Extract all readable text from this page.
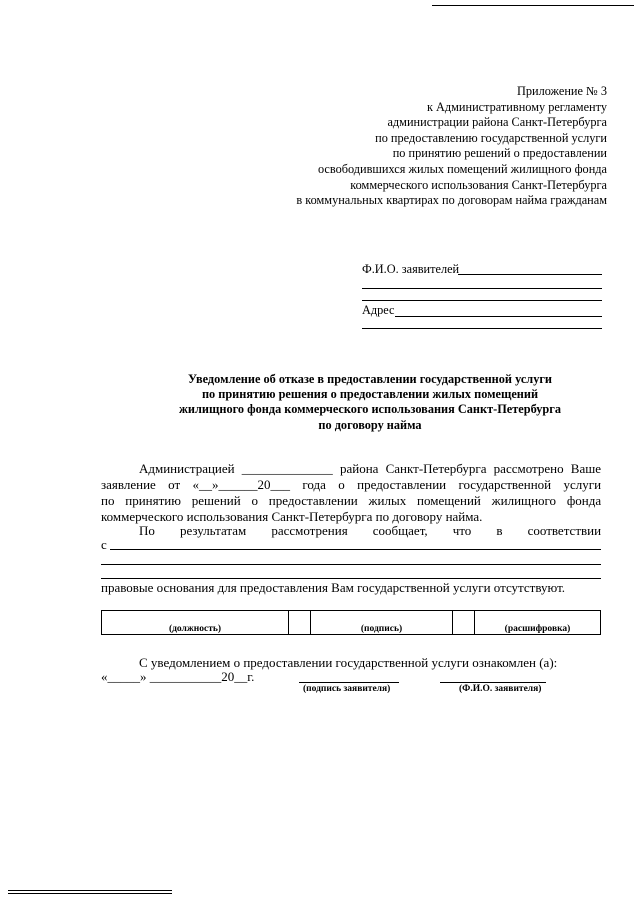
Приложение № 3
к Административному регламенту
администрации района Санкт-Петербурга
по предоставлению государственной услуги
по принятию решений о предоставлении
освободившихся жилых помещений жилищного фонда
коммерческого использования Санкт-Петербурга
в коммунальных квартирах по договорам найма гражданам
Ф.И.О. заявителей
Адрес
Уведомление об отказе в предоставлении государственной услуги
по принятию решения о предоставлении жилых помещений
жилищного фонда коммерческого использования Санкт-Петербурга
по договору найма
Администрацией ______________ района Санкт-Петербурга рассмотрено Ваше
заявление от «__»______20___ года о предоставлении государственной услуги
по принятию решений о предоставлении жилых помещений жилищного фонда
коммерческого использования Санкт-Петербурга по договору найма.
По результатам рассмотрения сообщает, что в соответствии
с
правовые основания для предоставления Вам государственной услуги отсутствуют.
(должность)		(подпись)		(расшифровка)
С уведомлением о предоставлении государственной услуги ознакомлен (а):
«_____» ___________20__г.
(подпись заявителя)	(Ф.И.О. заявителя)
